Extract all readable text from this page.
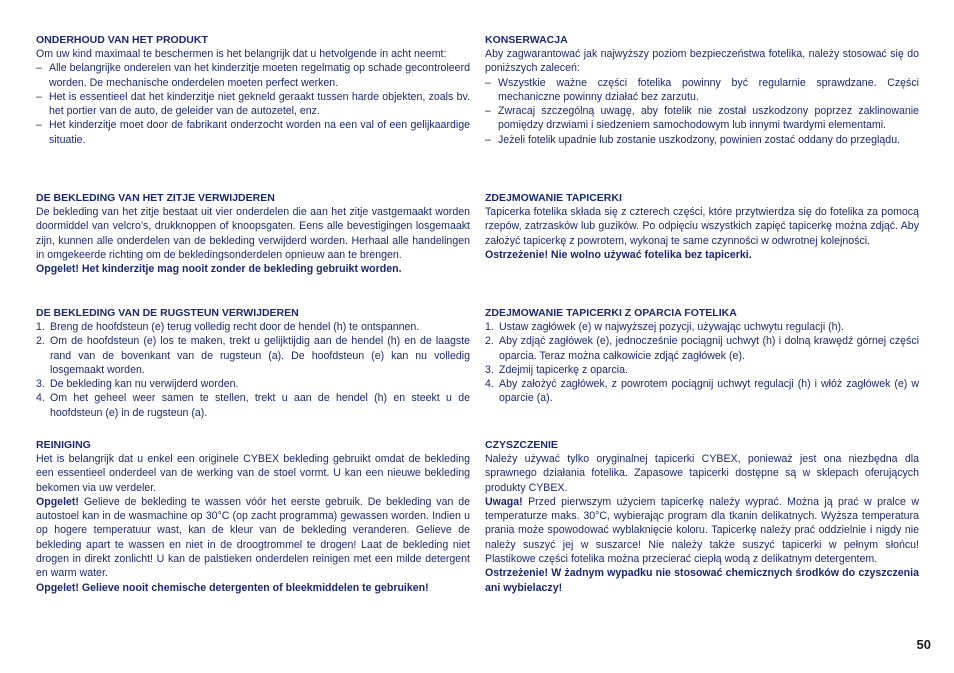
ONDERHOUD VAN HET PRODUKT

Om uw kind maximaal te beschermen is het belangrijk dat u hetvolgende in acht neemt:

– Alle belangrijke onderelen van het kinderzitje moeten regelmatig op schade gecontroleerd worden. De mechanische onderdelen moeten perfect werken.
– Het is essentieel dat het kinderzitje niet gekneld geraakt tussen harde objekten, zoals bv. het portier van de auto, de geleider van de autozetel, enz.
– Het kinderzitje moet door de fabrikant onderzocht worden na een val of een gelijkaardige situatie.
DE BEKLEDING VAN HET ZITJE VERWIJDEREN

De bekleding van het zitje bestaat uit vier onderdelen die aan het zitje vastgemaakt worden doormiddel van velcro’s, drukknoppen of knoopsgaten. Eens alle bevestigingen losgemaakt zijn, kunnen alle onderdelen van de bekleding verwijderd worden. Herhaal alle handelingen in omgekeerde richting om de bekledingsonderdelen opnieuw aan te brengen.

Opgelet! Het kinderzitje mag nooit zonder de bekleding gebruikt worden.

DE BEKLEDING VAN DE RUGSTEUN VERWIJDEREN
1. Breng de hoofdsteun (e) terug volledig recht door de hendel (h) te ontspannen.
2. Om de hoofdsteun (e) los te maken, trekt u gelijktijdig aan de hendel (h) en de laagste rand van de bovenkant van de rugsteun (a). De hoofdsteun (e) kan nu volledig losgemaakt worden.
3. De bekleding kan nu verwijderd worden.
4. Om het geheel weer samen te stellen, trekt u aan de hendel (h) en steekt u de hoofdsteun (e) in de rugsteun (a).
REINIGING

Het is belangrijk dat u enkel een originele CYBEX bekleding gebruikt omdat de bekleding een essentieel onderdeel van de werking van de stoel vormt. U kan een nieuwe bekleding bekomen via uw verdeler.

Opgelet! Gelieve de bekleding te wassen vóór het eerste gebruik. De bekleding van de autostoel kan in de wasmachine op 30°C (op zacht programma) gewassen worden. Indien u op hogere temperatuur wast, kan de kleur van de bekleding veranderen. Gelieve de bekleding apart te wassen en niet in de droogtrommel te drogen! Laat de bekleding niet drogen in direkt zonlicht! U kan de palstieken onderdelen reinigen met een milde detergent en warm water.

Opgelet! Gelieve nooit chemische detergenten of bleekmiddelen te gebruiken!

KONSERWACJA

Aby zagwarantować jak najwyższy poziom bezpieczeństwa fotelika, należy stosować się do poniższych zaleceń:

– Wszystkie ważne części fotelika powinny być regularnie sprawdzane. Części mechaniczne powinny działać bez zarzutu.
– Zwracaj szczególną uwagę, aby fotelik nie został uszkodzony poprzez zaklinowanie pomiędzy drzwiami i siedzeniem samochodowym lub innymi twardymi elementami.
– Jeżeli fotelik upadnie lub zostanie uszkodzony, powinien zostać oddany do przeglądu.
ZDEJMOWANIE TAPICERKI

Tapicerka fotelika składa się z czterech części, które przytwierdza się do fotelika za pomocą rzepów, zatrzasków lub guzików. Po odpięciu wszystkich zapięć tapicerkę można zdjąć. Aby założyć tapicerkę z powrotem, wykonaj te same czynności w odwrotnej kolejności.

Ostrzeżenie! Nie wolno używać fotelika bez tapicerki.

ZDEJMOWANIE TAPICERKI Z OPARCIA FOTELIKA
1. Ustaw zagłówek (e) w najwyższej pozycji, używając uchwytu regulacji (h).
2. Aby zdjąć zagłówek (e), jednocześnie pociągnij uchwyt (h) i dolną krawędź górnej części oparcia. Teraz można całkowicie zdjąć zagłówek (e).
3. Zdejmij tapicerkę z oparcia.
4. Aby założyć zagłówek, z powrotem pociągnij uchwyt regulacji (h) i włóż zagłówek (e) w oparcie (a).
CZYSZCZENIE

Należy używać tylko oryginalnej tapicerki CYBEX, ponieważ jest ona niezbędna dla sprawnego działania fotelika. Zapasowe tapicerki dostępne są w sklepach oferujących produkty CYBEX.

Uwaga! Przed pierwszym użyciem tapicerkę należy wyprać. Można ją prać w pralce w temperaturze maks. 30°C, wybierając program dla tkanin delikatnych. Wyższa temperatura prania może spowodować wyblaknięcie koloru. Tapicerkę należy prać oddzielnie i nigdy nie należy suszyć jej w suszarce! Nie należy także suszyć tapicerki w pełnym słońcu! Plastikowe części fotelika można przecierać ciepłą wodą z delikatnym detergentem.

Ostrzeżenie! W żadnym wypadku nie stosować chemicznych środków do czyszczenia ani wybielaczy!

50
